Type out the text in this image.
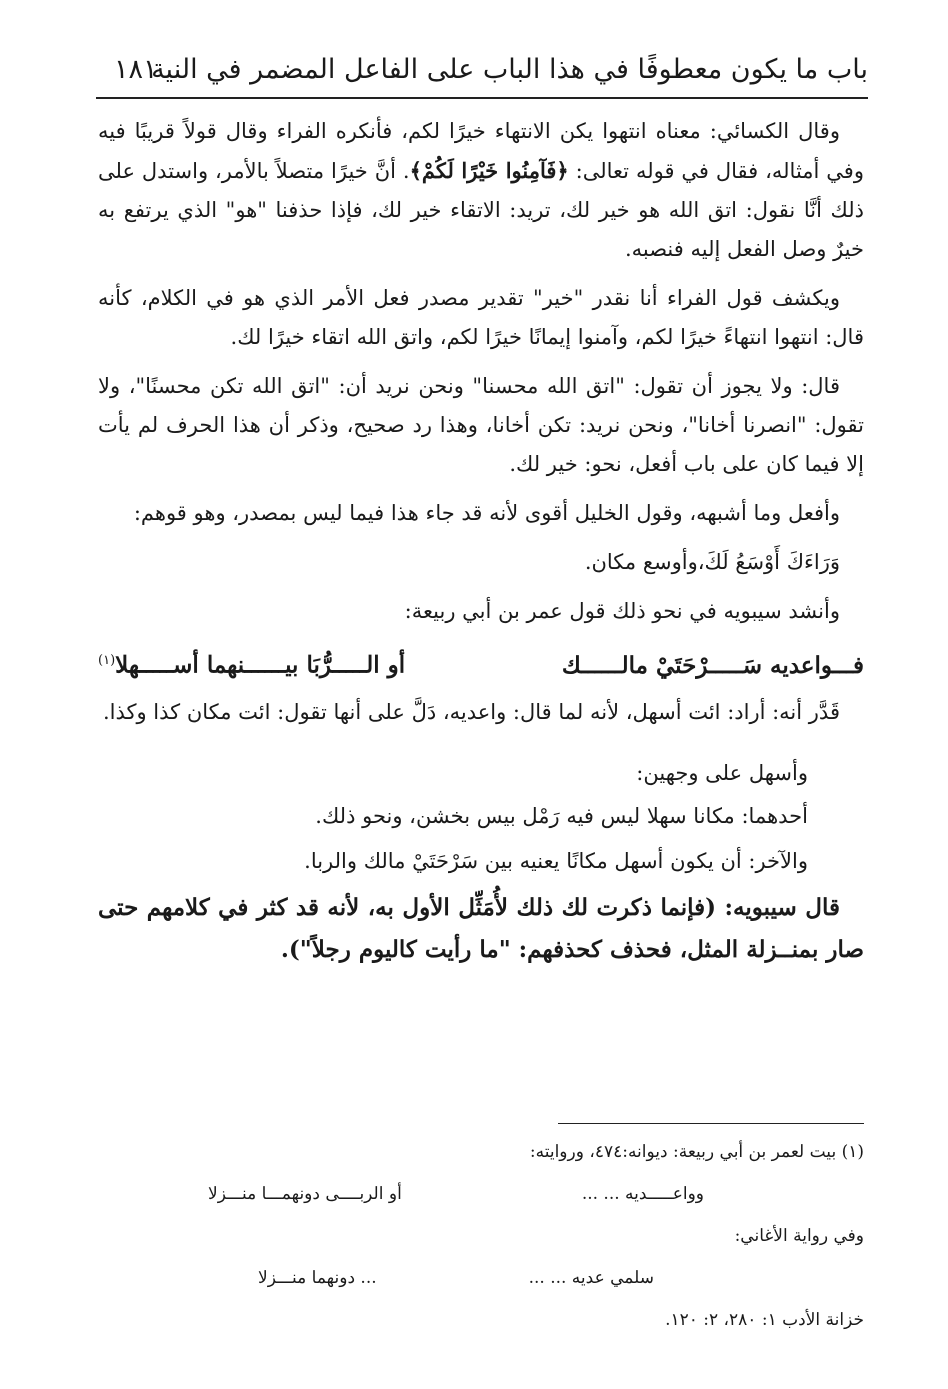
باب ما يكون معطوفًا في هذا الباب على الفاعل المضمر في النية
١٨١

وقال الكسائي: معناه انتهوا يكن الانتهاء خيرًا لكم، فأنكره الفراء وقال قولاً قريبًا فيه وفي أمثاله، فقال في قوله تعالى: ﴿فَآمِنُوا خَيْرًا لَكُمْ﴾. أنَّ خيرًا متصلاً بالأمر، واستدل على ذلك أنَّا نقول: اتق الله هو خير لك، تريد: الاتقاء خير لك، فإذا حذفنا "هو" الذي يرتفع به خيرٌ وصل الفعل إليه فنصبه.

ويكشف قول الفراء أنا نقدر "خير" تقدير مصدر فعل الأمر الذي هو في الكلام، كأنه قال: انتهوا انتهاءً خيرًا لكم، وآمنوا إيمانًا خيرًا لكم، واتق الله اتقاء خيرًا لك.

قال: ولا يجوز أن تقول: "اتق الله محسنا" ونحن نريد أن: "اتق الله تكن محسنًا"، ولا تقول: "انصرنا أخانا"، ونحن نريد: تكن أخانا، وهذا رد صحيح، وذكر أن هذا الحرف لم يأت إلا فيما كان على باب أفعل، نحو: خير لك.

وأفعل وما أشبهه، وقول الخليل أقوى لأنه قد جاء هذا فيما ليس بمصدر، وهو قوهم:

وَرَاءَكَ أَوْسَعُ لَكَ،وأوسع مكان.

وأنشد سيبويه في نحو ذلك قول عمر بن أبي ربيعة:

فـــواعديه سَـــــرْحَتَيْ مالــــــك
أو الـــــرُّبَا بيــــــنهما أســـــهلا$^{(١)}$

قَدَّر أنه: أراد: ائت أسهل، لأنه لما قال: واعديه، دَلَّ على أنها تقول: ائت مكان كذا وكذا.

وأسهل على وجهين:

أحدهما: مكانا سهلا ليس فيه رَمْل بيس بخشن، ونحو ذلك.

والآخر: أن يكون أسهل مكانًا يعنيه بين سَرْحَتَيْ مالك والربا.

قال سيبويه: (فإنما ذكرت لك ذلك لأُمَثِّل الأول به، لأنه قد كثر في كلامهم حتى صار بمنــزلة المثل، فحذف كحذفهم: "ما رأيت كاليوم رجلاً").

(١) بيت لعمر بن أبي ربيعة: ديوانه:٤٧٤، وروايته:

وواعـــــديه ... ...
أو الربــــى دونهمـــا منـــزلا

وفي رواية الأغاني:

سلمي عديه ... ...
... دونهما منـــزلا

خزانة الأدب ١: ٢٨٠، ٢: ١٢٠.
